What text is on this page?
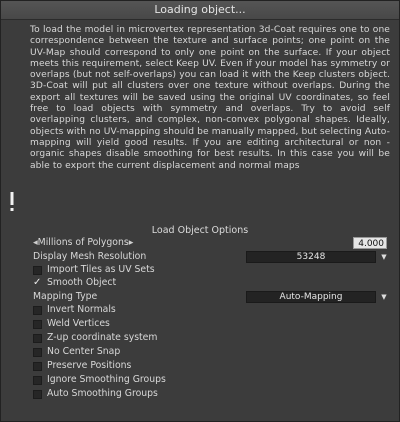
Loading object...
To load the model in microvertex representation 3d-Coat requires one to one correspondence between the texture and surface points; one point on the UV-Map should correspond to only one point on the surface. If your object meets this requirement, select Keep UV. Even if your model has symmetry or overlaps (but not self-overlaps) you can load it with the Keep clusters object. 3D-Coat will put all clusters over one texture without overlaps. During the export all textures will be saved using the original UV coordinates, so feel free to load objects with symmetry and overlaps. Try to avoid self overlapping clusters, and complex, non-convex polygonal shapes. Ideally, objects with no UV-mapping should be manually mapped, but selecting Auto-mapping will yield good results. If you are editing architectural or non - organic shapes disable smoothing for best results. In this case you will be able to export the current displacement and normal maps
Load Object Options
◂Millions of Polygons▸	4.000
Display Mesh Resolution	53248	▼
Import Tiles as UV Sets
✓ Smooth Object
Mapping Type	Auto-Mapping	▼
Invert Normals
Weld Vertices
Z-up coordinate system
No Center Snap
Preserve Positions
Ignore Smoothing Groups
Auto Smoothing Groups
